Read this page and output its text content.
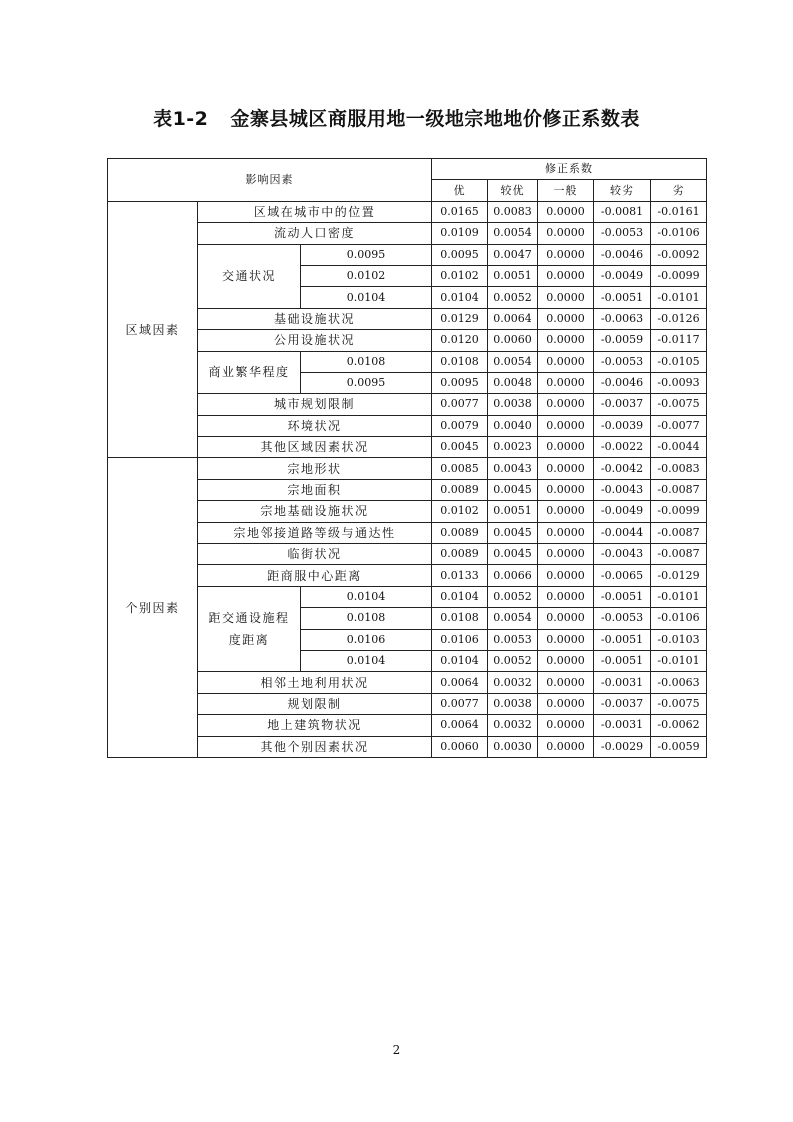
表1-2 金寨县城区商服用地一级地宗地地价修正系数表
影响因素			修正系数				
			优	较优	一般	较劣	劣
区域因素	区域在城市中的位置		0.0165	0.0083	0.0000	-0.0081	-0.0161
	流动人口密度		0.0109	0.0054	0.0000	-0.0053	-0.0106
	交通状况	0.0095	0.0095	0.0047	0.0000	-0.0046	-0.0092
		0.0102	0.0102	0.0051	0.0000	-0.0049	-0.0099
		0.0104	0.0104	0.0052	0.0000	-0.0051	-0.0101
	基础设施状况		0.0129	0.0064	0.0000	-0.0063	-0.0126
	公用设施状况		0.0120	0.0060	0.0000	-0.0059	-0.0117
	商业繁华程度	0.0108	0.0108	0.0054	0.0000	-0.0053	-0.0105
		0.0095	0.0095	0.0048	0.0000	-0.0046	-0.0093
	城市规划限制		0.0077	0.0038	0.0000	-0.0037	-0.0075
	环境状况		0.0079	0.0040	0.0000	-0.0039	-0.0077
	其他区域因素状况		0.0045	0.0023	0.0000	-0.0022	-0.0044
个别因素	宗地形状		0.0085	0.0043	0.0000	-0.0042	-0.0083
	宗地面积		0.0089	0.0045	0.0000	-0.0043	-0.0087
	宗地基础设施状况		0.0102	0.0051	0.0000	-0.0049	-0.0099
	宗地邻接道路等级与通达性		0.0089	0.0045	0.0000	-0.0044	-0.0087
	临街状况		0.0089	0.0045	0.0000	-0.0043	-0.0087
	距商服中心距离		0.0133	0.0066	0.0000	-0.0065	-0.0129
	距交通设施程度距离	0.0104	0.0104	0.0052	0.0000	-0.0051	-0.0101
		0.0108	0.0108	0.0054	0.0000	-0.0053	-0.0106
		0.0106	0.0106	0.0053	0.0000	-0.0051	-0.0103
		0.0104	0.0104	0.0052	0.0000	-0.0051	-0.0101
	相邻土地利用状况		0.0064	0.0032	0.0000	-0.0031	-0.0063
	规划限制		0.0077	0.0038	0.0000	-0.0037	-0.0075
	地上建筑物状况		0.0064	0.0032	0.0000	-0.0031	-0.0062
	其他个别因素状况		0.0060	0.0030	0.0000	-0.0029	-0.0059
2
